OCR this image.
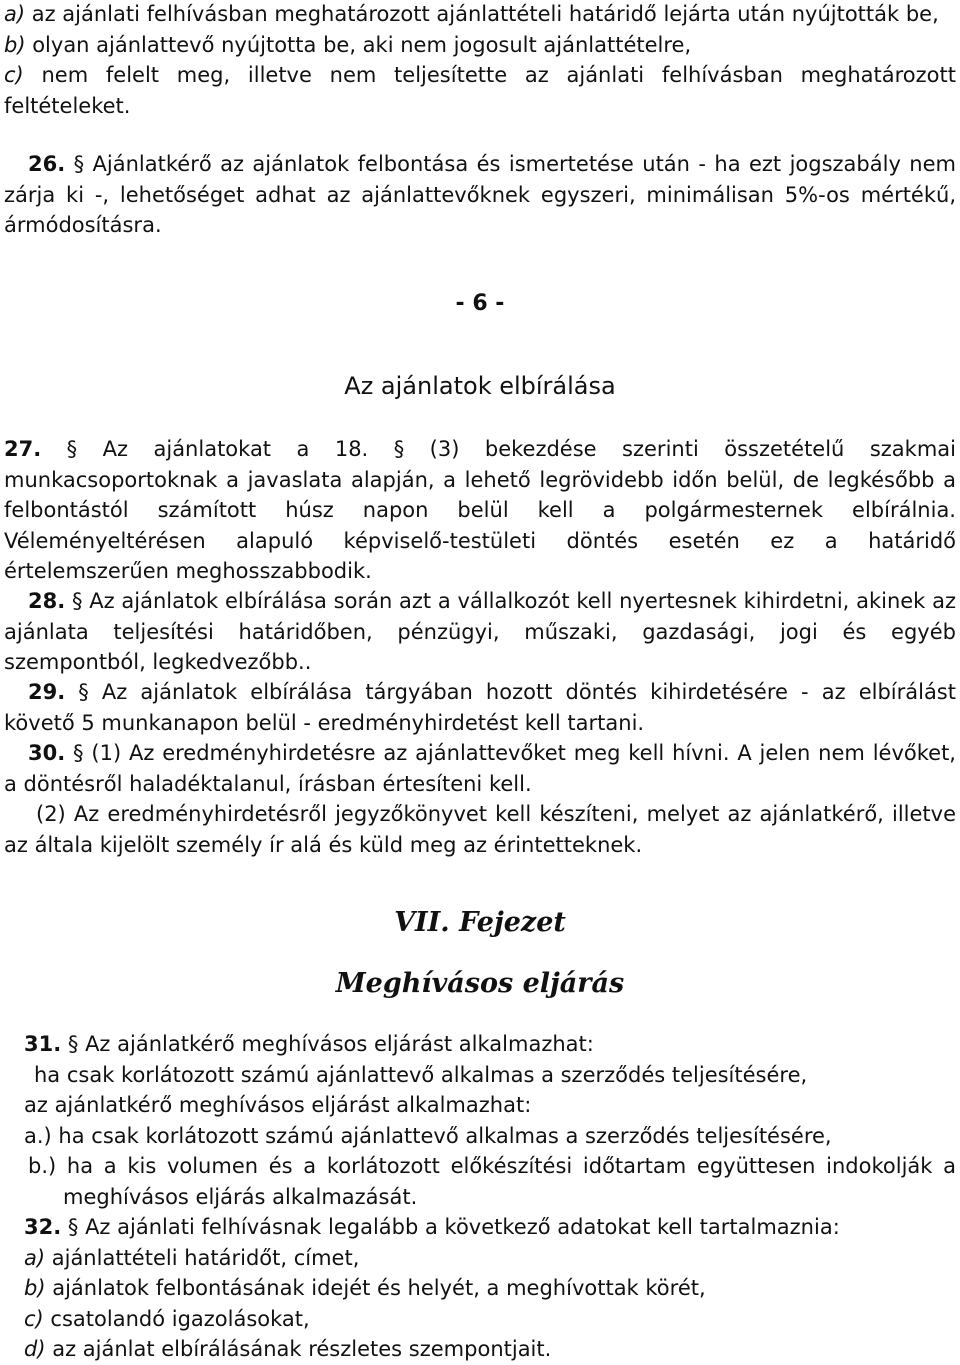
a) az ajánlati felhívásban meghatározott ajánlattételi határidő lejárta után nyújtották be,

b) olyan ajánlattevő nyújtotta be, aki nem jogosult ajánlattételre,

c) nem felelt meg, illetve nem teljesítette az ajánlati felhívásban meghatározott feltételeket.

26. § Ajánlatkérő az ajánlatok felbontása és ismertetése után - ha ezt jogszabály nem zárja ki -, lehetőséget adhat az ajánlattevőknek egyszeri, minimálisan 5%-os mértékű, ármódosításra.

- 6 -
Az ajánlatok elbírálása

27. § Az ajánlatokat a 18. § (3) bekezdése szerinti összetételű szakmai munkacsoportoknak a javaslata alapján, a lehető legrövidebb időn belül, de legkésőbb a felbontástól számított húsz napon belül kell a polgármesternek elbírálnia. Véleményeltérésen alapuló képviselő-testületi döntés esetén ez a határidő értelemszerűen meghosszabbodik.

28. § Az ajánlatok elbírálása során azt a vállalkozót kell nyertesnek kihirdetni, akinek az ajánlata teljesítési határidőben, pénzügyi, műszaki, gazdasági, jogi és egyéb szempontból, legkedvezőbb..

29. § Az ajánlatok elbírálása tárgyában hozott döntés kihirdetésére - az elbírálást követő 5 munkanapon belül - eredményhirdetést kell tartani.

30. § (1) Az eredményhirdetésre az ajánlattevőket meg kell hívni. A jelen nem lévőket, a döntésről haladéktalanul, írásban értesíteni kell.

(2) Az eredményhirdetésről jegyzőkönyvet kell készíteni, melyet az ajánlatkérő, illetve az általa kijelölt személy ír alá és küld meg az érintetteknek.

VII. Fejezet
Meghívásos eljárás

31. § Az ajánlatkérő meghívásos eljárást alkalmazhat:

ha csak korlátozott számú ajánlattevő alkalmas a szerződés teljesítésére,

az ajánlatkérő meghívásos eljárást alkalmazhat:

a.) ha csak korlátozott számú ajánlattevő alkalmas a szerződés teljesítésére,

b.) ha a kis volumen és a korlátozott előkészítési időtartam együttesen indokolják a meghívásos eljárás alkalmazását.

32. § Az ajánlati felhívásnak legalább a következő adatokat kell tartalmaznia:

a) ajánlattételi határidőt, címet,

b) ajánlatok felbontásának idejét és helyét, a meghívottak körét,

c) csatolandó igazolásokat,

d) az ajánlat elbírálásának részletes szempontjait.
